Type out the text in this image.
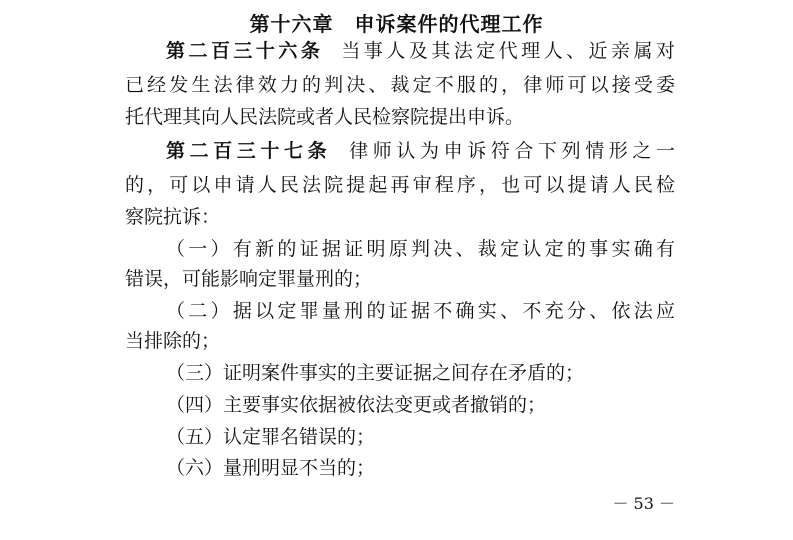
第十六章　申诉案件的代理工作
第二百三十六条 当事人及其法定代理人、近亲属对
已经发生法律效力的判决、裁定不服的，律师可以接受委
托代理其向人民法院或者人民检察院提出申诉。
第二百三十七条 律师认为申诉符合下列情形之一
的，可以申请人民法院提起再审程序，也可以提请人民检
察院抗诉：
（一）有新的证据证明原判决、裁定认定的事实确有
错误，可能影响定罪量刑的；
（二）据以定罪量刑的证据不确实、不充分、依法应
当排除的；
（三）证明案件事实的主要证据之间存在矛盾的；
（四）主要事实依据被依法变更或者撤销的；
（五）认定罪名错误的；
（六）量刑明显不当的；
－ 53 －
